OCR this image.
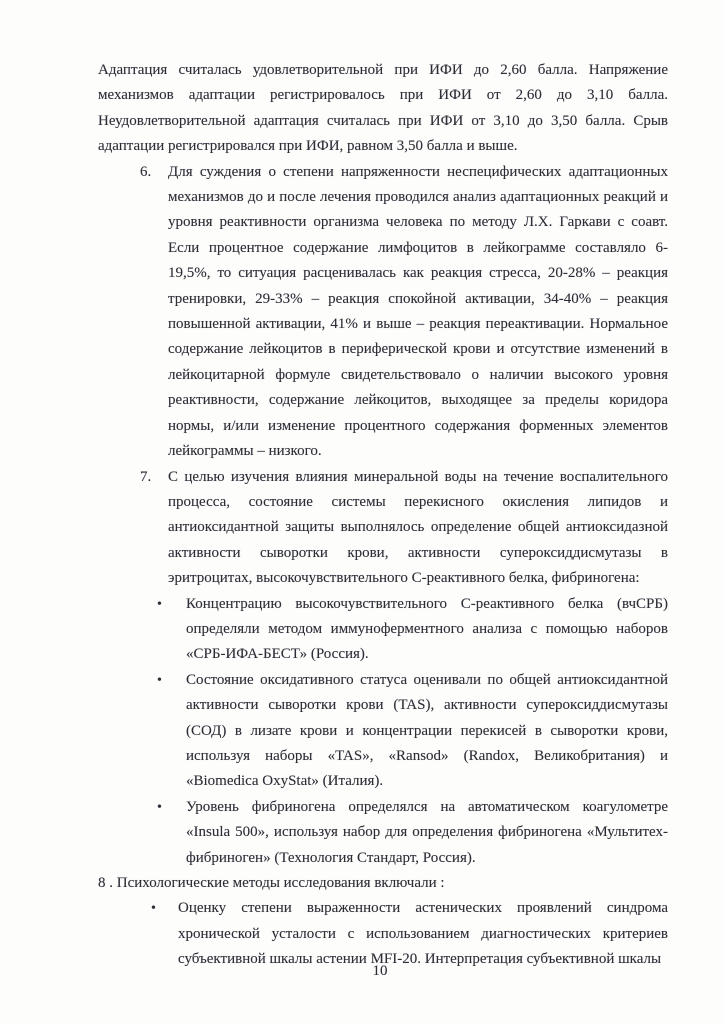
Адаптация считалась удовлетворительной при ИФИ до 2,60 балла. Напряжение механизмов адаптации регистрировалось при ИФИ от 2,60 до 3,10 балла. Неудовлетворительной адаптация считалась при ИФИ от 3,10 до 3,50 балла. Срыв адаптации регистрировался при ИФИ, равном 3,50 балла и выше.

6. Для суждения о степени напряженности неспецифических адаптационных механизмов до и после лечения проводился анализ адаптационных реакций и уровня реактивности организма человека по методу Л.Х. Гаркави с соавт. Если процентное содержание лимфоцитов в лейкограмме составляло 6-19,5%, то ситуация расценивалась как реакция стресса, 20-28% – реакция тренировки, 29-33% – реакция спокойной активации, 34-40% – реакция повышенной активации, 41% и выше – реакция переактивации. Нормальное содержание лейкоцитов в периферической крови и отсутствие изменений в лейкоцитарной формуле свидетельствовало о наличии высокого уровня реактивности, содержание лейкоцитов, выходящее за пределы коридора нормы, и/или изменение процентного содержания форменных элементов лейкограммы – низкого.
7. С целью изучения влияния минеральной воды на течение воспалительного процесса, состояние системы перекисного окисления липидов и антиоксидантной защиты выполнялось определение общей антиоксидазной активности сыворотки крови, активности супероксиддисмутазы в эритроцитах, высокочувствительного С-реактивного белка, фибриногена:
• Концентрацию высокочувствительного С-реактивного белка (вчСРБ) определяли методом иммуноферментного анализа с помощью наборов «СРБ-ИФА-БЕСТ» (Россия).
• Состояние оксидативного статуса оценивали по общей антиоксидантной активности сыворотки крови (TAS), активности супероксиддисмутазы (СОД) в лизате крови и концентрации перекисей в сыворотки крови, используя наборы «TAS», «Ransod» (Randox, Великобритания) и «Biomedica OxyStat» (Италия).
• Уровень фибриногена определялся на автоматическом коагулометре «Insula 500», используя набор для определения фибриногена «Мультитех-фибриноген» (Технология Стандарт, Россия).

8 . Психологические методы исследования включали :

• Оценку степени выраженности астенических проявлений синдрома хронической усталости с использованием диагностических критериев субъективной шкалы астении MFI-20. Интерпретация субъективной шкалы
10
